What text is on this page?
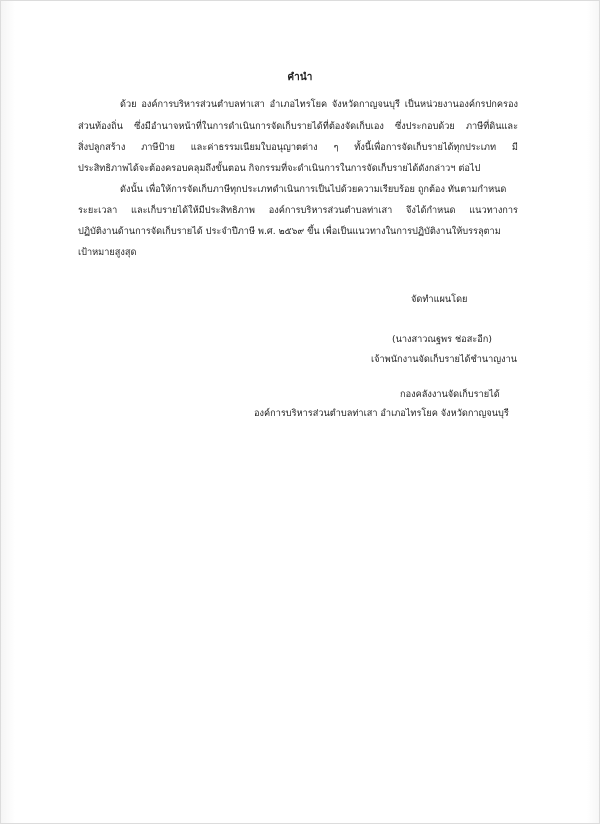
คำนำ
ด้วย องค์การบริหารส่วนตำบลท่าเสา อำเภอไทรโยค จังหวัดกาญจนบุรี เป็นหน่วยงานองค์กรปกครอง
ส่วนท้องถิ่น ซึ่งมีอำนาจหน้าที่ในการดำเนินการจัดเก็บรายได้ที่ต้องจัดเก็บเอง ซึ่งประกอบด้วย ภาษีที่ดินและ
สิ่งปลูกสร้าง ภาษีป้าย และค่าธรรมเนียมใบอนุญาตต่าง ๆ ทั้งนี้เพื่อการจัดเก็บรายได้ทุกประเภท มี
ประสิทธิภาพได้จะต้องครอบคลุมถึงขั้นตอน กิจกรรมที่จะดำเนินการในการจัดเก็บรายได้ดังกล่าวฯ ต่อไป
ดังนั้น เพื่อให้การจัดเก็บภาษีทุกประเภทดำเนินการเป็นไปด้วยความเรียบร้อย ถูกต้อง ทันตามกำหนด
ระยะเวลา และเก็บรายได้ให้มีประสิทธิภาพ องค์การบริหารส่วนตำบลท่าเสา จึงได้กำหนด แนวทางการ
ปฏิบัติงานด้านการจัดเก็บรายได้ ประจำปีภาษี พ.ศ. ๒๕๖๙ ขึ้น เพื่อเป็นแนวทางในการปฏิบัติงานให้บรรลุตาม
เป้าหมายสูงสุด
จัดทำแผนโดย
(นางสาวณฐพร ช่อสะอีก)
เจ้าพนักงานจัดเก็บรายได้ชำนาญงาน
กองคลังงานจัดเก็บรายได้
องค์การบริหารส่วนตำบลท่าเสา อำเภอไทรโยค จังหวัดกาญจนบุรี
